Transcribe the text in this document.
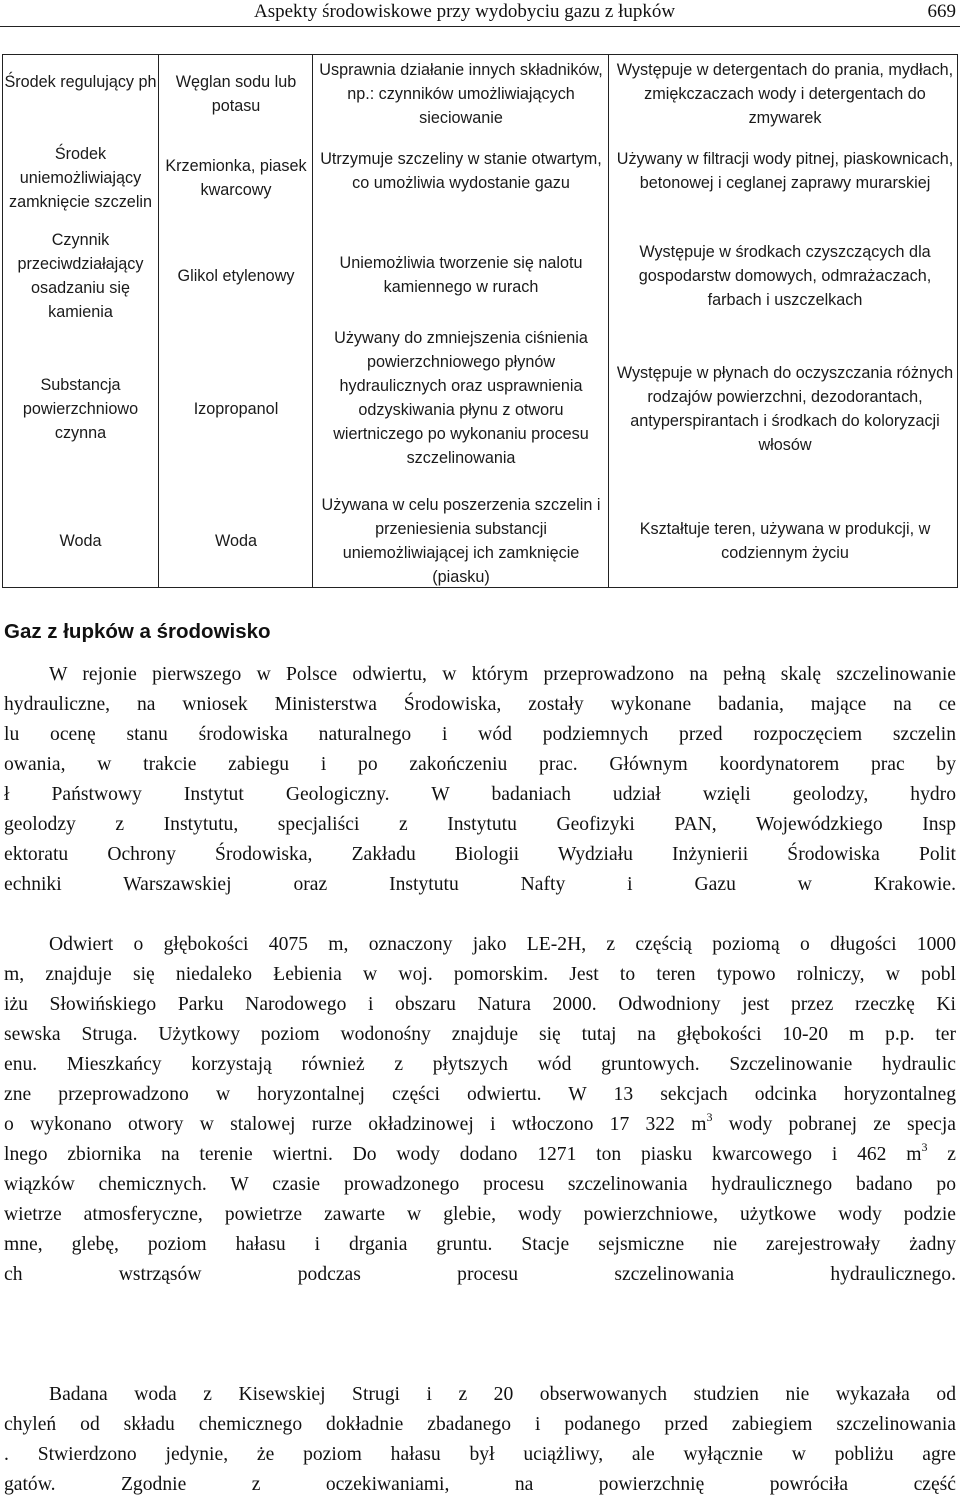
Aspekty środowiskowe przy wydobyciu gazu z łupków	669
Środek regulujący ph
Środek uniemożliwiający zamknięcie szczelin
Czynnik przeciwdziałający osadzaniu się kamienia
Substancja powierzchniowo czynna
Woda
Węglan sodu lub potasu
Krzemionka, piasek kwarcowy
Glikol etylenowy
Izopropanol
Woda
Usprawnia działanie innych składników, np.: czynników umożliwiających sieciowanie
Utrzymuje szczeliny w stanie otwartym, co umożliwia wydostanie gazu
Uniemożliwia tworzenie się nalotu kamiennego w rurach
Używany do zmniejszenia ciśnienia powierzchniowego płynów hydraulicznych oraz usprawnienia odzyskiwania płynu z otworu wiertniczego po wykonaniu procesu szczelinowania
Używana w celu poszerzenia szczelin i przeniesienia substancji uniemożliwiającej ich zamknięcie (piasku)
Występuje w detergentach do prania, mydłach, zmiękczaczach wody i detergentach do zmywarek
Używany w filtracji wody pitnej, piaskownicach, betonowej i ceglanej zaprawy murarskiej
Występuje w środkach czyszczących dla gospodarstw domowych, odmrażaczach, farbach i uszczelkach
Występuje w płynach do oczyszczania różnych rodzajów powierzchni, dezodorantach, antyperspirantach i środkach do koloryzacji włosów
Kształtuje teren, używana w produkcji, w codziennym życiu
Gaz z łupków a środowisko
W rejonie pierwszego w Polsce odwiertu, w którym przeprowadzono na pełną skalę szczelinowanie
hydrauliczne, na wniosek Ministerstwa Środowiska, zostały wykonane badania, mające na ce
lu ocenę stanu środowiska naturalnego i wód podziemnych przed rozpoczęciem szczelin
owania, w trakcie zabiegu i po zakończeniu prac. Głównym koordynatorem prac by
ł Państwowy Instytut Geologiczny. W badaniach udział wzięli geolodzy, hydro
geolodzy z Instytutu, specjaliści z Instytutu Geofizyki PAN, Wojewódzkiego Insp
ektoratu Ochrony Środowiska, Zakładu Biologii Wydziału Inżynierii Środowiska Polit
echniki Warszawskiej oraz Instytutu Nafty i Gazu w Krakowie.
Odwiert o głębokości 4075 m, oznaczony jako LE-2H, z częścią poziomą o długości 1000
m, znajduje się niedaleko Łebienia w woj. pomorskim. Jest to teren typowo rolniczy, w pobl
iżu Słowińskiego Parku Narodowego i obszaru Natura 2000. Odwodniony jest przez rzeczkę Ki
sewska Struga. Użytkowy poziom wodonośny znajduje się tutaj na głębokości 10-20 m p.p. ter
enu. Mieszkańcy korzystają również z płytszych wód gruntowych. Szczelinowanie hydraulic
zne przeprowadzono w horyzontalnej części odwiertu. W 13 sekcjach odcinka horyzontalneg
o wykonano otwory w stalowej rurze okładzinowej i wtłoczono 17 322 $m^3$ wody pobranej ze specja
lnego zbiornika na terenie wiertni. Do wody dodano 1271 ton piasku kwarcowego i 462 $m^3$ z
wiązków chemicznych. W czasie prowadzonego procesu szczelinowania hydraulicznego badano po
wietrze atmosferyczne, powietrze zawarte w glebie, wody powierzchniowe, użytkowe wody podzie
mne, glebę, poziom hałasu i drgania gruntu. Stacje sejsmiczne nie zarejestrowały żadny
ch wstrząsów podczas procesu szczelinowania hydraulicznego.
Badana woda z Kisewskiej Strugi i z 20 obserwowanych studzien nie wykazała od
chyleń od składu chemicznego dokładnie zbadanego i podanego przed zabiegiem szczelinowania
. Stwierdzono jedynie, że poziom hałasu był uciążliwy, ale wyłącznie w pobliżu agre
gatów. Zgodnie z oczekiwaniami, na powierzchnię powróciła część
